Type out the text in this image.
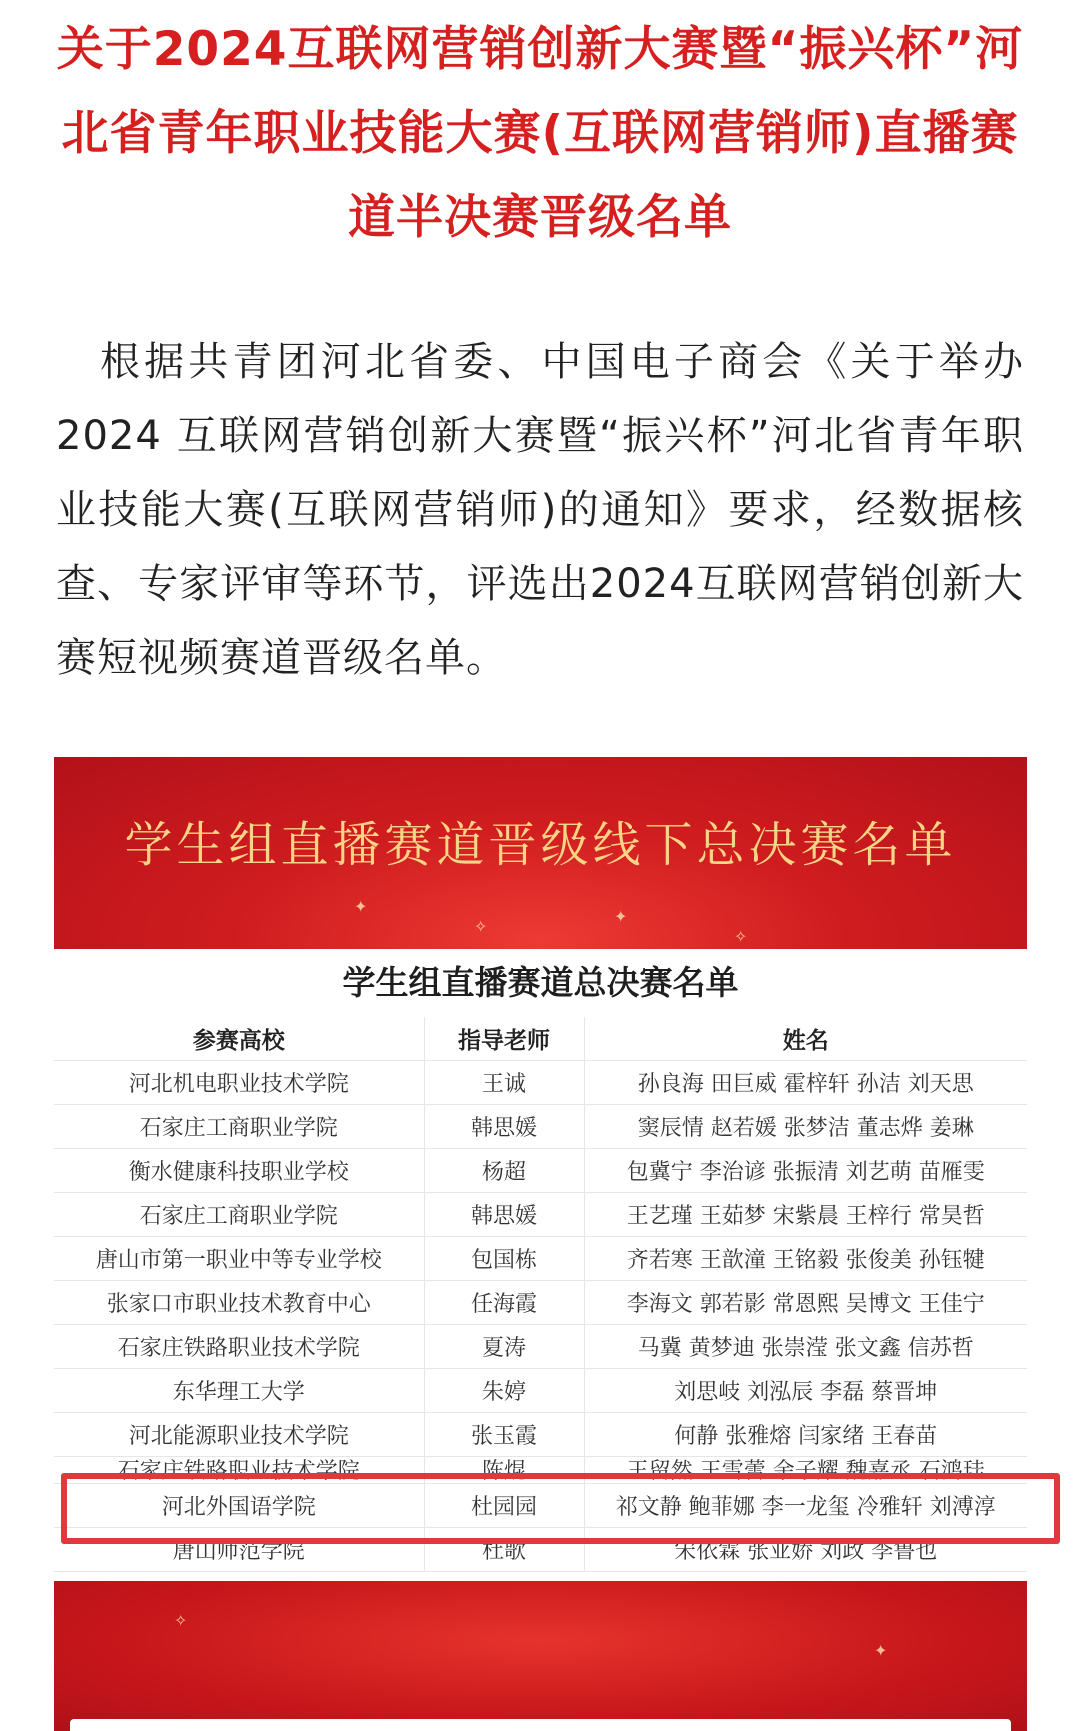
关于2024互联网营销创新大赛暨“振兴杯”河北省青年职业技能大赛(互联网营销师)直播赛道半决赛晋级名单

根据共青团河北省委、中国电子商会《关于举办2024 互联网营销创新大赛暨“振兴杯”河北省青年职业技能大赛(互联网营销师)的通知》要求，经数据核查、专家评审等环节，评选出2024互联网营销创新大赛短视频赛道晋级名单。

✦
✧
✦
✧
学生组直播赛道晋级线下总决赛名单
学生组直播赛道总决赛名单
参赛高校	指导老师	姓名
河北机电职业技术学院	王诚	孙良海 田巨威 霍梓轩 孙洁 刘天思
石家庄工商职业学院	韩思媛	窦辰情 赵若媛 张梦洁 董志烨 姜琳
衡水健康科技职业学校	杨超	包冀宁 李治谚 张振清 刘艺萌 苗雁雯
石家庄工商职业学院	韩思媛	王艺瑾 王茹梦 宋紫晨 王梓行 常昊哲
唐山市第一职业中等专业学校	包国栋	齐若寒 王歆潼 王铭毅 张俊美 孙钰犍
张家口市职业技术教育中心	任海霞	李海文 郭若影 常恩熙 吴博文 王佳宁
石家庄铁路职业技术学院	夏涛	马冀 黄梦迪 张崇滢 张文鑫 信苏哲
东华理工大学	朱婷	刘思岐 刘泓辰 李磊 蔡晋坤
河北能源职业技术学院	张玉霞	何静 张雅熔 闫家绪 王春苗
石家庄铁路职业技术学院	陈焜	王留然 王雪蕾 余子耀 魏嘉丞 石鸿珪
河北外国语学院	杜园园	祁文静 鲍菲娜 李一龙玺 冷雅轩 刘溥淳
唐山师范学院	杜歌	宋依霖 张亚娇 刘政 李鲁也
✧
✦
